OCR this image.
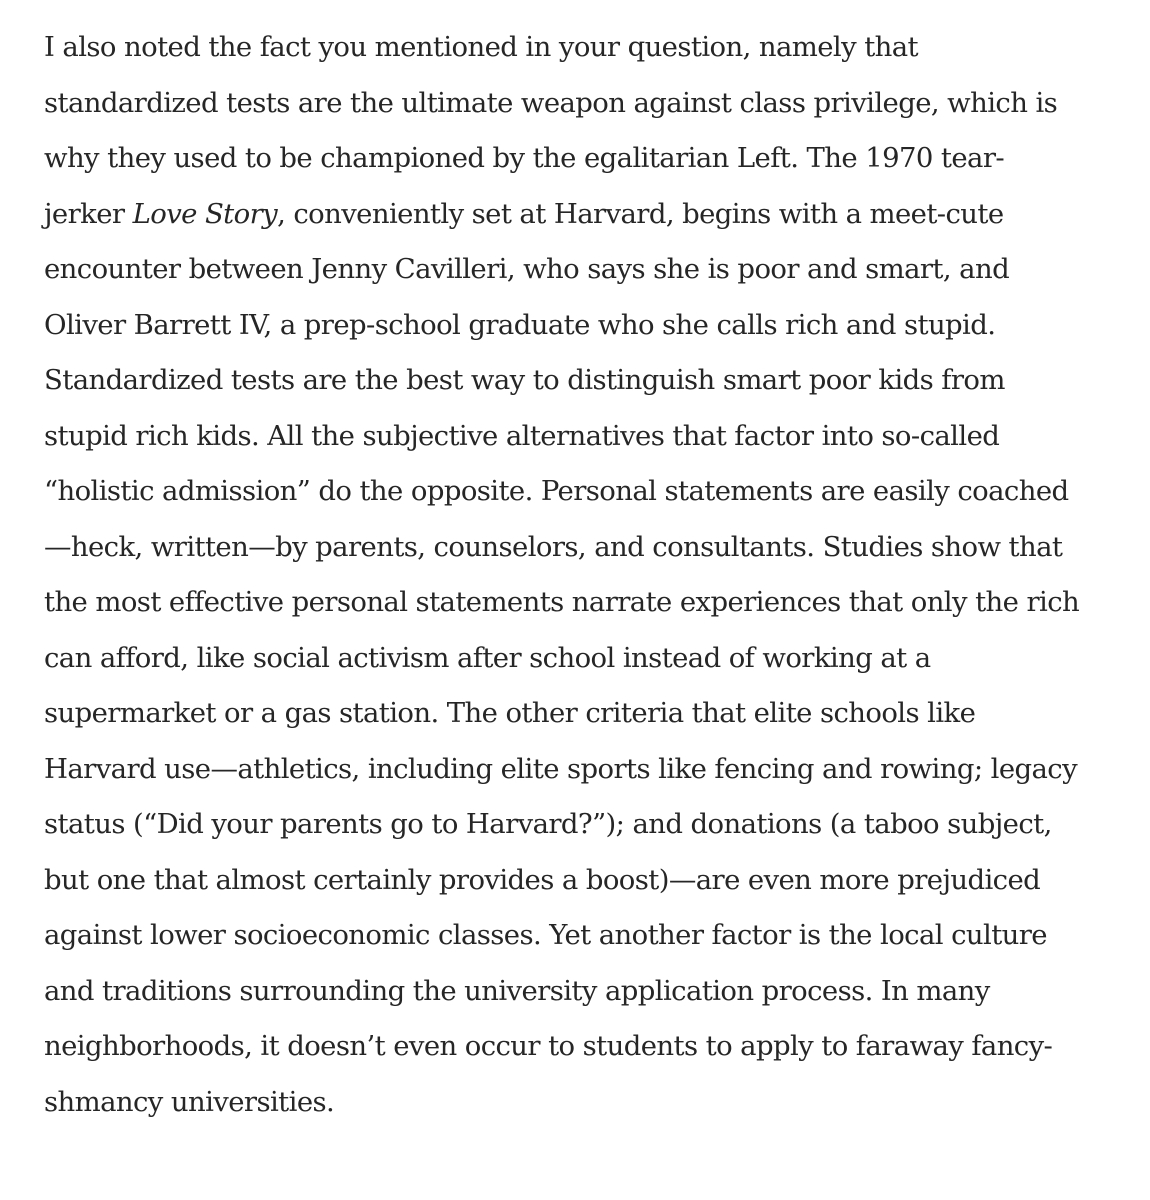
I also noted the fact you mentioned in your question, namely that
standardized tests are the ultimate weapon against class privilege, which is
why they used to be championed by the egalitarian Left. The 1970 tear-
jerker Love Story, conveniently set at Harvard, begins with a meet-cute
encounter between Jenny Cavilleri, who says she is poor and smart, and
Oliver Barrett IV, a prep-school graduate who she calls rich and stupid.
Standardized tests are the best way to distinguish smart poor kids from
stupid rich kids. All the subjective alternatives that factor into so-called
“holistic admission” do the opposite. Personal statements are easily coached
—heck, written—by parents, counselors, and consultants. Studies show that
the most effective personal statements narrate experiences that only the rich
can afford, like social activism after school instead of working at a
supermarket or a gas station. The other criteria that elite schools like
Harvard use—athletics, including elite sports like fencing and rowing; legacy
status (“Did your parents go to Harvard?”); and donations (a taboo subject,
but one that almost certainly provides a boost)—are even more prejudiced
against lower socioeconomic classes. Yet another factor is the local culture
and traditions surrounding the university application process. In many
neighborhoods, it doesn’t even occur to students to apply to faraway fancy-
shmancy universities.
